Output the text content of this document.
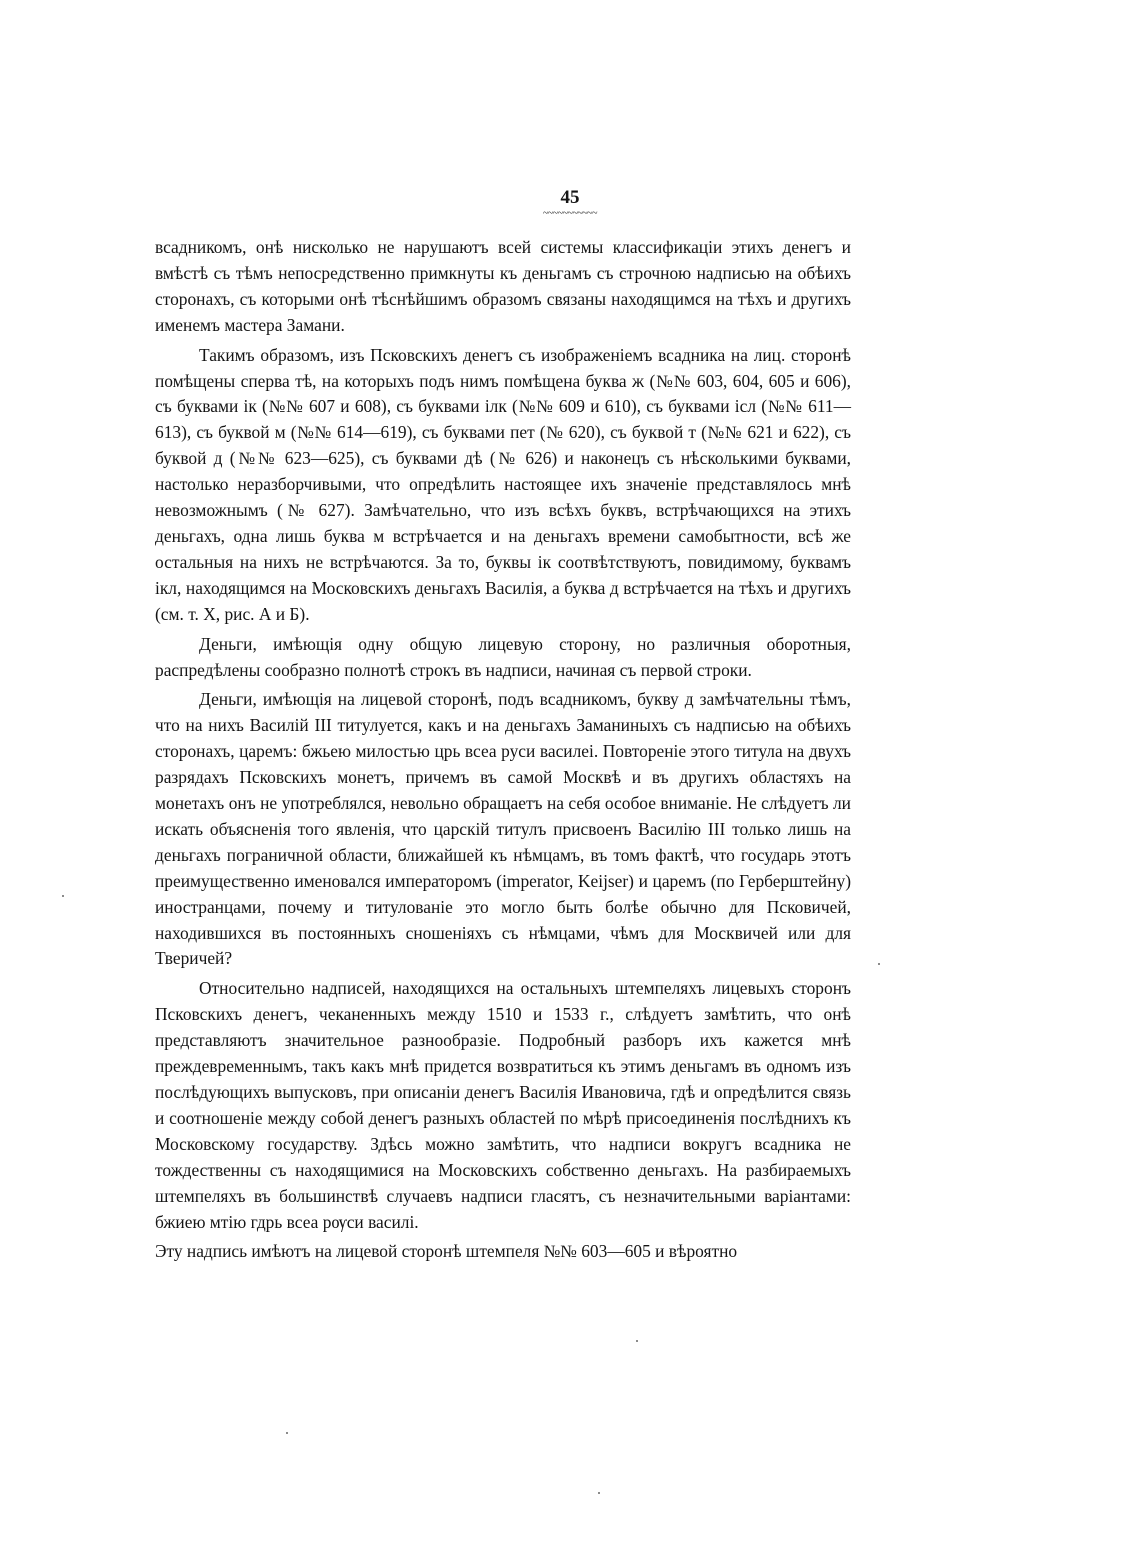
45
~~~~~~~~~~~

всадникомъ, онѣ нисколько не нарушаютъ всей системы классификаціи этихъ денегъ и вмѣстѣ съ тѣмъ непосредственно примкнуты къ деньгамъ съ строчною надписью на обѣихъ сторонахъ, съ которыми онѣ тѣснѣйшимъ образомъ связаны находящимся на тѣхъ и другихъ именемъ мастера Замани.

Такимъ образомъ, изъ Псковскихъ денегъ съ изображеніемъ всадника на лиц. сторонѣ помѣщены сперва тѣ, на которыхъ подъ нимъ помѣщена буква ж (№№ 603, 604, 605 и 606), съ буквами ік (№№ 607 и 608), съ буквами ілк (№№ 609 и 610), съ буквами іcл (№№ 611—613), съ буквой м (№№ 614—619), съ буквами пет (№ 620), съ буквой т (№№ 621 и 622), съ буквой д (№№ 623—625), съ буквами дѣ (№ 626) и наконецъ съ нѣсколькими буквами, настолько неразборчивыми, что опредѣлить настоящее ихъ значеніе представлялось мнѣ невозможнымъ (№ 627). Замѣчательно, что изъ всѣхъ буквъ, встрѣчающихся на этихъ деньгахъ, одна лишь буква м встрѣчается и на деньгахъ времени самобытности, всѣ же остальныя на нихъ не встрѣчаются. За то, буквы ік соотвѣтствуютъ, повидимому, буквамъ ікл, находящимся на Московскихъ деньгахъ Василія, а буква д встрѣчается на тѣхъ и другихъ (см. т. X, рис. А и Б).

Деньги, имѣющія одну общую лицевую сторону, но различныя оборотныя, распредѣлены сообразно полнотѣ строкъ въ надписи, начиная съ первой строки.

Деньги, имѣющія на лицевой сторонѣ, подъ всадникомъ, букву д замѣчательны тѣмъ, что на нихъ Василій III титулуется, какъ и на деньгахъ Заманиныхъ съ надписью на обѣихъ сторонахъ, царемъ: бжьею милостью црь всеа руси василеі. Повтореніе этого титула на двухъ разрядахъ Псковскихъ монетъ, причемъ въ самой Москвѣ и въ другихъ областяхъ на монетахъ онъ не употреблялся, невольно обращаетъ на себя особое вниманіе. Не слѣдуетъ ли искать объясненія того явленія, что царскій титулъ присвоенъ Василію III только лишь на деньгахъ пограничной области, ближайшей къ нѣмцамъ, въ томъ фактѣ, что государь этотъ преимущественно именовался императоромъ (imperator, Keijser) и царемъ (по Герберштейну) иностранцами, почему и титулованіе это могло быть болѣе обычно для Псковичей, находившихся въ постоянныхъ сношеніяхъ съ нѣмцами, чѣмъ для Москвичей или для Тверичей?

Относительно надписей, находящихся на остальныхъ штемпеляхъ лицевыхъ сторонъ Псковскихъ денегъ, чеканенныхъ между 1510 и 1533 г., слѣдуетъ замѣтить, что онѣ представляютъ значительное разнообразіе. Подробный разборъ ихъ кажется мнѣ преждевременнымъ, такъ какъ мнѣ придется возвратиться къ этимъ деньгамъ въ одномъ изъ послѣдующихъ выпусковъ, при описаніи денегъ Василія Ивановича, гдѣ и опредѣлится связь и соотношеніе между собой денегъ разныхъ областей по мѣрѣ присоединенія послѣднихъ къ Московскому государству. Здѣсь можно замѣтить, что надписи вокругъ всадника не тождественны съ находящимися на Московскихъ собственно деньгахъ. На разбираемыхъ штемпеляхъ въ большинствѣ случаевъ надписи гласятъ, съ незначительными варіантами: бжиею мтію гдрь всеа рѹси василі.

Эту надпись имѣютъ на лицевой сторонѣ штемпеля №№ 603—605 и вѣроятно
